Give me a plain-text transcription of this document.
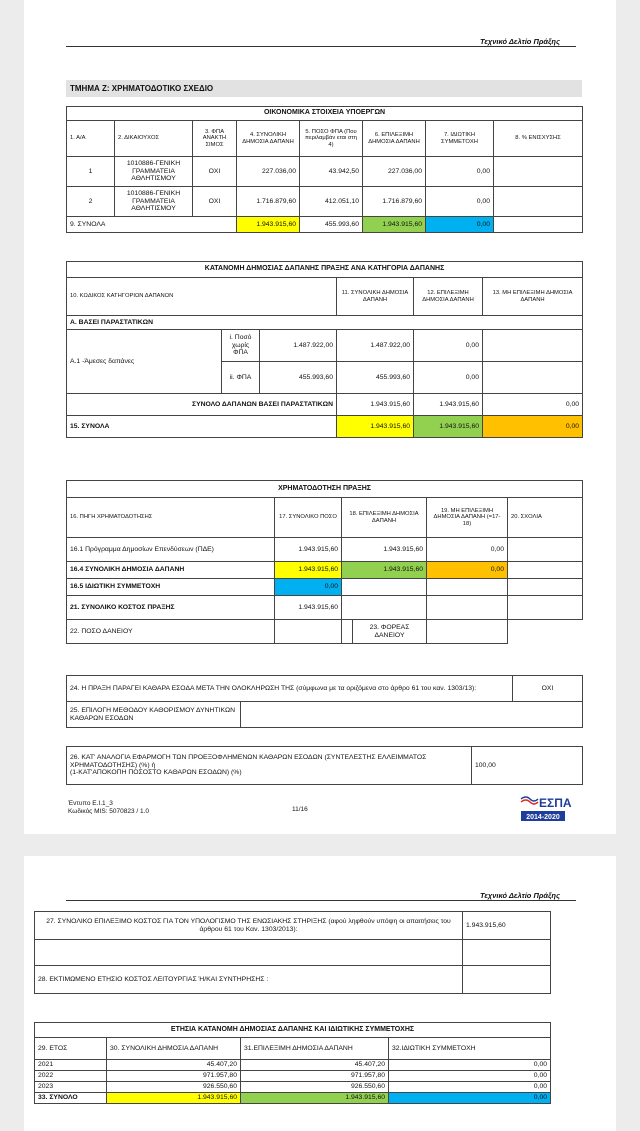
Τεχνικό Δελτίο Πράξης
ΤΜΗΜΑ Ζ: ΧΡΗΜΑΤΟΔΟΤΙΚΟ ΣΧΕΔΙΟ
ΟΙΚΟΝΟΜΙΚΑ ΣΤΟΙΧΕΙΑ ΥΠΟΕΡΓΩΝ							
1. Α/Α	2. ΔΙΚΑΙΟΥΧΟΣ	3. ΦΠΑ ΑΝΑΚΤΗ ΣΙΜΟΣ	4. ΣΥΝΟΛΙΚΗ ΔΗΜΟΣΙΑ ΔΑΠΑΝΗ	5. ΠΟΣΟ ΦΠΑ (Που περιλαμβάν εται στη 4)	6. ΕΠΙΛΕΞΙΜΗ ΔΗΜΟΣΙΑ ΔΑΠΑΝΗ	7. ΙΔΙΩΤΙΚΗ ΣΥΜΜΕΤΟΧΗ	8. % ΕΝΙΣΧΥΣΗΣ
1	1010886-ΓΕΝΙΚΗ ΓΡΑΜΜΑΤΕΙΑ ΑΘΛΗΤΙΣΜΟΥ	ΟΧΙ	227.036,00	43.942,50	227.036,00	0,00	
2	1010886-ΓΕΝΙΚΗ ΓΡΑΜΜΑΤΕΙΑ ΑΘΛΗΤΙΣΜΟΥ	ΟΧΙ	1.716.879,60	412.051,10	1.716.879,60	0,00	
9. ΣΥΝΟΛΑ			1.943.915,60	455.993,60	1.943.915,60	0,00	
ΚΑΤΑΝΟΜΗ ΔΗΜΟΣΙΑΣ ΔΑΠΑΝΗΣ ΠΡΑΞΗΣ ΑΝΑ ΚΑΤΗΓΟΡΙΑ ΔΑΠΑΝΗΣ						
10. ΚΩΔΙΚΟΣ ΚΑΤΗΓΟΡΙΩΝ ΔΑΠΑΝΩΝ			11. ΣΥΝΟΛΙΚΗ ΔΗΜΟΣΙΑ ΔΑΠΑΝΗ	12. ΕΠΙΛΕΞΙΜΗ ΔΗΜΟΣΙΑ ΔΑΠΑΝΗ	13. ΜΗ ΕΠΙΛΕΞΙΜΗ ΔΗΜΟΣΙΑ ΔΑΠΑΝΗ	
Α. ΒΑΣΕΙ ΠΑΡΑΣΤΑΤΙΚΩΝ						
Α.1 -Άμεσες δαπάνες	i. Ποσό χωρίς ΦΠΑ	1.487.922,00	1.487.922,00	0,00		
	ii. ΦΠΑ	455.993,60	455.993,60	0,00		
ΣΥΝΟΛΟ ΔΑΠΑΝΩΝ ΒΑΣΕΙ ΠΑΡΑΣΤΑΤΙΚΩΝ			1.943.915,60	1.943.915,60	0,00	
15. ΣΥΝΟΛΑ			1.943.915,60	1.943.915,60	0,00	
ΧΡΗΜΑΤΟΔΟΤΗΣΗ ΠΡΑΞΗΣ					
16. ΠΗΓΗ ΧΡΗΜΑΤΟΔΟΤΗΣΗΣ	17. ΣΥΝΟΛΙΚΟ ΠΟΣΟ	18. ΕΠΙΛΕΞΙΜΗ ΔΗΜΟΣΙΑ ΔΑΠΑΝΗ		19. ΜΗ ΕΠΙΛΕΞΙΜΗ ΔΗΜΟΣΙΑ ΔΑΠΑΝΗ (=17-18)	20. ΣΧΟΛΙΑ
16.1 Πρόγραμμα Δημοσίων Επενδύσεων (ΠΔΕ)	1.943.915,60	1.943.915,60		0,00	
16.4 ΣΥΝΟΛΙΚΗ ΔΗΜΟΣΙΑ ΔΑΠΑΝΗ	1.943.915,60	1.943.915,60		0,00	
16.5 ΙΔΙΩΤΙΚΗ ΣΥΜΜΕΤΟΧΗ	0,00				
21. ΣΥΝΟΛΙΚΟ ΚΟΣΤΟΣ ΠΡΑΞΗΣ	1.943.915,60				
22. ΠΟΣΟ ΔΑΝΕΙΟΥ			23. ΦΟΡΕΑΣ ΔΑΝΕΙΟΥ		
24. Η ΠΡΑΞΗ ΠΑΡΑΓΕΙ ΚΑΘΑΡΑ ΕΣΟΔΑ ΜΕΤΑ ΤΗΝ ΟΛΟΚΛΗΡΩΣΗ ΤΗΣ (σύμφωνα με τα οριζόμενα στο άρθρο 61 του καν. 1303/13):	ΟΧΙ
25. ΕΠΙΛΟΓΗ ΜΕΘΟΔΟΥ ΚΑΘΟΡΙΣΜΟΥ ΔΥΝΗΤΙΚΩΝ ΚΑΘΑΡΩΝ ΕΣΟΔΩΝ	
26. ΚΑΤ' ΑΝΑΛΟΓΙΑ ΕΦΑΡΜΟΓΗ ΤΩΝ ΠΡΟΕΞΟΦΛΗΜΕΝΩΝ ΚΑΘΑΡΩΝ ΕΣΟΔΩΝ (ΣΥΝΤΕΛΕΣΤΗΣ ΕΛΛΕΙΜΜΑΤΟΣ ΧΡΗΜΑΤΟΔΟΤΗΣΗΣ) (%) ή
(1-ΚΑΤ'ΑΠΟΚΟΠΗ ΠΟΣΟΣΤΟ ΚΑΘΑΡΩΝ ΕΣΟΔΩΝ) (%)
	100,00
Έντυπο Ε.Ι.1_3
Κωδικός MIS: 5070823 / 1.0	11/16	ΕΣΠΑ
2014-2020
Τεχνικό Δελτίο Πράξης
27. ΣΥΝΟΛΙΚΟ ΕΠΙΛΕΞΙΜΟ ΚΟΣΤΟΣ ΓΙΑ ΤΟΝ ΥΠΟΛΟΓΙΣΜΟ ΤΗΣ ΕΝΩΣΙΑΚΗΣ ΣΤΗΡΙΞΗΣ (αφού ληφθούν υπόψη οι απαιτήσεις του άρθρου 61 του Καν. 1303/2013):	1.943.915,60

28. ΕΚΤΙΜΩΜΕΝΟ ΕΤΗΣΙΟ ΚΟΣΤΟΣ ΛΕΙΤΟΥΡΓΙΑΣ Ή/ΚΑΙ ΣΥΝΤΗΡΗΣΗΣ :	
ΕΤΗΣΙΑ ΚΑΤΑΝΟΜΗ ΔΗΜΟΣΙΑΣ ΔΑΠΑΝΗΣ ΚΑΙ ΙΔΙΩΤΙΚΗΣ ΣΥΜΜΕΤΟΧΗΣ			
29. ΕΤΟΣ	30. ΣΥΝΟΛΙΚΗ ΔΗΜΟΣΙΑ ΔΑΠΑΝΗ	31.ΕΠΙΛΕΞΙΜΗ ΔΗΜΟΣΙΑ ΔΑΠΑΝΗ	32.ΙΔΙΩΤΙΚΗ ΣΥΜΜΕΤΟΧΗ
2021	45.407,20	45.407,20	0,00
2022	971.957,80	971.957,80	0,00
2023	926.550,60	926.550,60	0,00
33. ΣΥΝΟΛΟ	1.943.915,60	1.943.915,60	0,00
